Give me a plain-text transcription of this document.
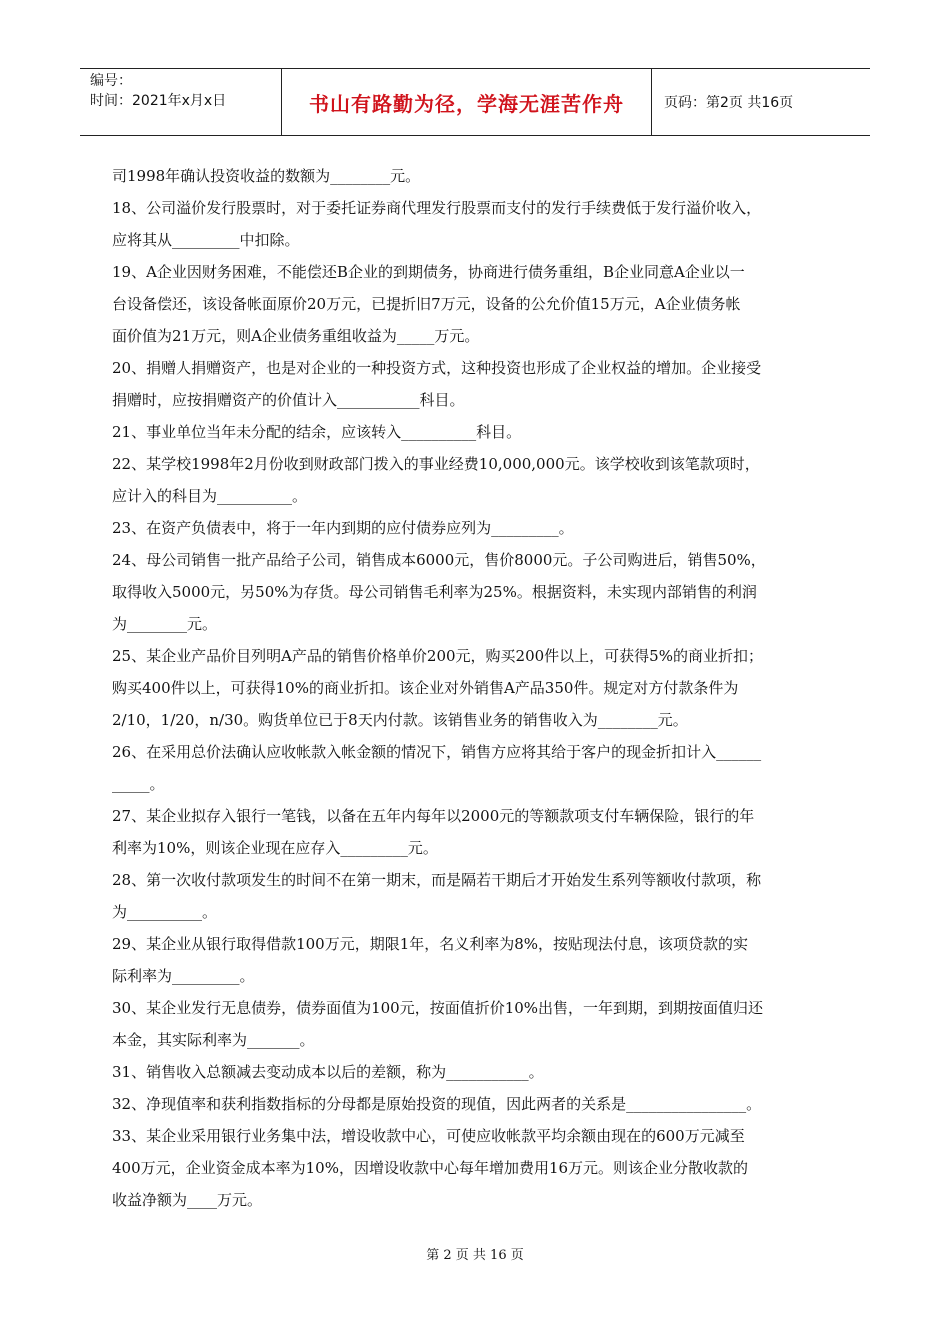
编号：
时间：2021年x月x日	书山有路勤为径，学海无涯苦作舟	页码：第2页 共16页

司1998年确认投资收益的数额为________元。

18、公司溢价发行股票时，对于委托证券商代理发行股票而支付的发行手续费低于发行溢价收入，

应将其从_________中扣除。

19、A企业因财务困难，不能偿还B企业的到期债务，协商进行债务重组，B企业同意A企业以一

台设备偿还，该设备帐面原价20万元，已提折旧7万元，设备的公允价值15万元，A企业债务帐

面价值为21万元，则A企业债务重组收益为_____万元。

20、捐赠人捐赠资产，也是对企业的一种投资方式，这种投资也形成了企业权益的增加。企业接受

捐赠时，应按捐赠资产的价值计入___________科目。

21、事业单位当年未分配的结余，应该转入__________科目。

22、某学校1998年2月份收到财政部门拨入的事业经费10,000,000元。该学校收到该笔款项时，

应计入的科目为__________。

23、在资产负债表中，将于一年内到期的应付债券应列为_________。

24、母公司销售一批产品给子公司，销售成本6000元，售价8000元。子公司购进后，销售50%，

取得收入5000元，另50%为存货。母公司销售毛利率为25%。根据资料，未实现内部销售的利润

为________元。

25、某企业产品价目列明A产品的销售价格单价200元，购买200件以上，可获得5%的商业折扣；

购买400件以上，可获得10%的商业折扣。该企业对外销售A产品350件。规定对方付款条件为

2/10，1/20，n/30。购货单位已于8天内付款。该销售业务的销售收入为________元。

26、在采用总价法确认应收帐款入帐金额的情况下，销售方应将其给于客户的现金折扣计入______

_____。

27、某企业拟存入银行一笔钱，以备在五年内每年以2000元的等额款项支付车辆保险，银行的年

利率为10%，则该企业现在应存入_________元。

28、第一次收付款项发生的时间不在第一期末，而是隔若干期后才开始发生系列等额收付款项，称

为__________。

29、某企业从银行取得借款100万元，期限1年，名义利率为8%，按贴现法付息，该项贷款的实

际利率为_________。

30、某企业发行无息债券，债券面值为100元，按面值折价10%出售，一年到期，到期按面值归还

本金，其实际利率为_______。

31、销售收入总额减去变动成本以后的差额，称为___________。

32、净现值率和获利指数指标的分母都是原始投资的现值，因此两者的关系是________________。

33、某企业采用银行业务集中法，增设收款中心，可使应收帐款平均余额由现在的600万元减至

400万元，企业资金成本率为10%，因增设收款中心每年增加费用16万元。则该企业分散收款的

收益净额为____万元。

第 2 页 共 16 页
